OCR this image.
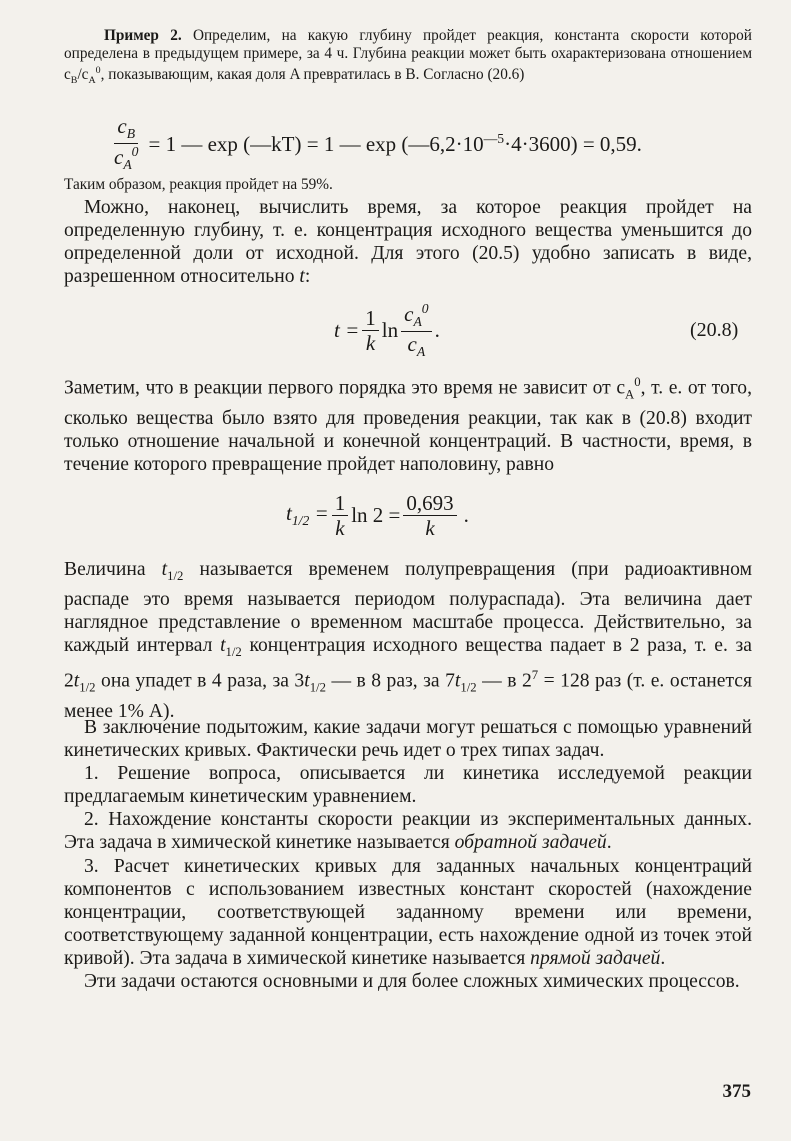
Пример 2. Определим, на какую глубину пройдет реакция, константа скорости которой определена в предыдущем примере, за 4 ч. Глубина реакции может быть охарактеризована отношением $c_B/c_A^0$, показывающим, какая доля A превратилась в B. Согласно (20.6)

$\frac{c_B}{c_A^0} = 1$ — exp (—kT) = 1 — $\exp (—6,2\cdot 10^{—5}\cdot 4\cdot 3600) = 0,59$.

Таким образом, реакция пройдет на 59%.

Можно, наконец, вычислить время, за которое реакция пройдет на определенную глубину, т. е. концентрация исходного вещества уменьшится до определенной доли от исходной. Для этого (20.5) удобно записать в виде, разрешенном относительно t:

$t = \frac{1}{k}$ $\ln \frac{c_A^0}{c_A}$ .	(20.8)

Заметим, что в реакции первого порядка это время не зависит от $c_A^0$, т. е. от того, сколько вещества было взято для проведения реакции, так как в (20.8) входит только отношение начальной и конечной концентраций. В частности, время, в течение которого превращение пройдет наполовину, равно

$t_{1/2} = \frac{1}{k}$ $\ln 2 = \frac{0,693}{k}$ .

Величина $t_{1/2}$ называется временем полупревращения (при радиоактивном распаде это время называется периодом полураспада). Эта величина дает наглядное представление о временном масштабе процесса. Действительно, за каждый интервал $t_{1/2}$ концентрация исходного вещества падает в 2 раза, т. е. за $2t_{1/2}$ она упадет в 4 раза, за $3t_{1/2}$ — в 8 раз, за $7t_{1/2}$ — в $2^7 = 128$ раз (т. е. останется менее 1% A).

В заключение подытожим, какие задачи могут решаться с помощью уравнений кинетических кривых. Фактически речь идет о трех типах задач.

1. Решение вопроса, описывается ли кинетика исследуемой реакции предлагаемым кинетическим уравнением.

2. Нахождение константы скорости реакции из экспериментальных данных. Эта задача в химической кинетике называется обратной задачей.

3. Расчет кинетических кривых для заданных начальных концентраций компонентов с использованием известных констант скоростей (нахождение концентрации, соответствующей заданному времени или времени, соответствующему заданной концентрации, есть нахождение одной из точек этой кривой). Эта задача в химической кинетике называется прямой задачей.

Эти задачи остаются основными и для более сложных химических процессов.

375
